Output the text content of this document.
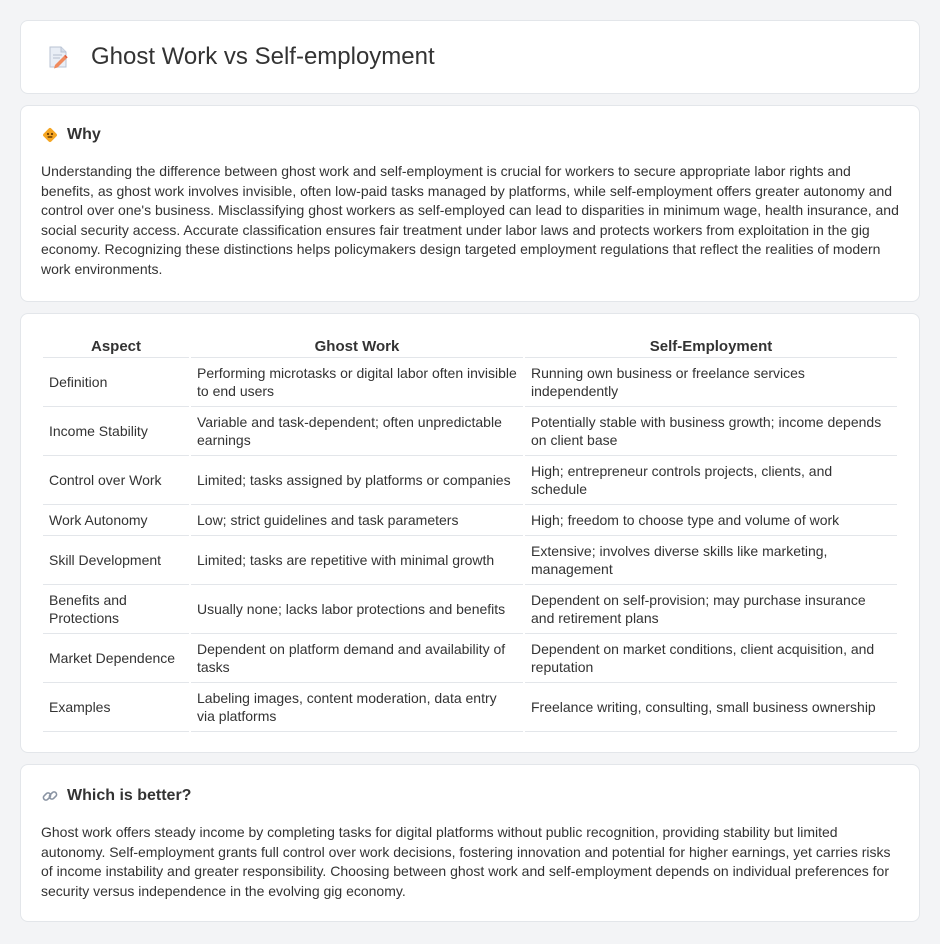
Ghost Work vs Self-employment
Why

Understanding the difference between ghost work and self-employment is crucial for workers to secure appropriate labor rights and benefits, as ghost work involves invisible, often low-paid tasks managed by platforms, while self-employment offers greater autonomy and control over one's business. Misclassifying ghost workers as self-employed can lead to disparities in minimum wage, health insurance, and social security access. Accurate classification ensures fair treatment under labor laws and protects workers from exploitation in the gig economy. Recognizing these distinctions helps policymakers design targeted employment regulations that reflect the realities of modern work environments.

Aspect	Ghost Work	Self-Employment
Definition	Performing microtasks or digital labor often invisible to end users	Running own business or freelance services independently
Income Stability	Variable and task-dependent; often unpredictable earnings	Potentially stable with business growth; income depends on client base
Control over Work	Limited; tasks assigned by platforms or companies	High; entrepreneur controls projects, clients, and schedule
Work Autonomy	Low; strict guidelines and task parameters	High; freedom to choose type and volume of work
Skill Development	Limited; tasks are repetitive with minimal growth	Extensive; involves diverse skills like marketing, management
Benefits and Protections	Usually none; lacks labor protections and benefits	Dependent on self-provision; may purchase insurance and retirement plans
Market Dependence	Dependent on platform demand and availability of tasks	Dependent on market conditions, client acquisition, and reputation
Examples	Labeling images, content moderation, data entry via platforms	Freelance writing, consulting, small business ownership
Which is better?

Ghost work offers steady income by completing tasks for digital platforms without public recognition, providing stability but limited autonomy. Self-employment grants full control over work decisions, fostering innovation and potential for higher earnings, yet carries risks of income instability and greater responsibility. Choosing between ghost work and self-employment depends on individual preferences for security versus independence in the evolving gig economy.
